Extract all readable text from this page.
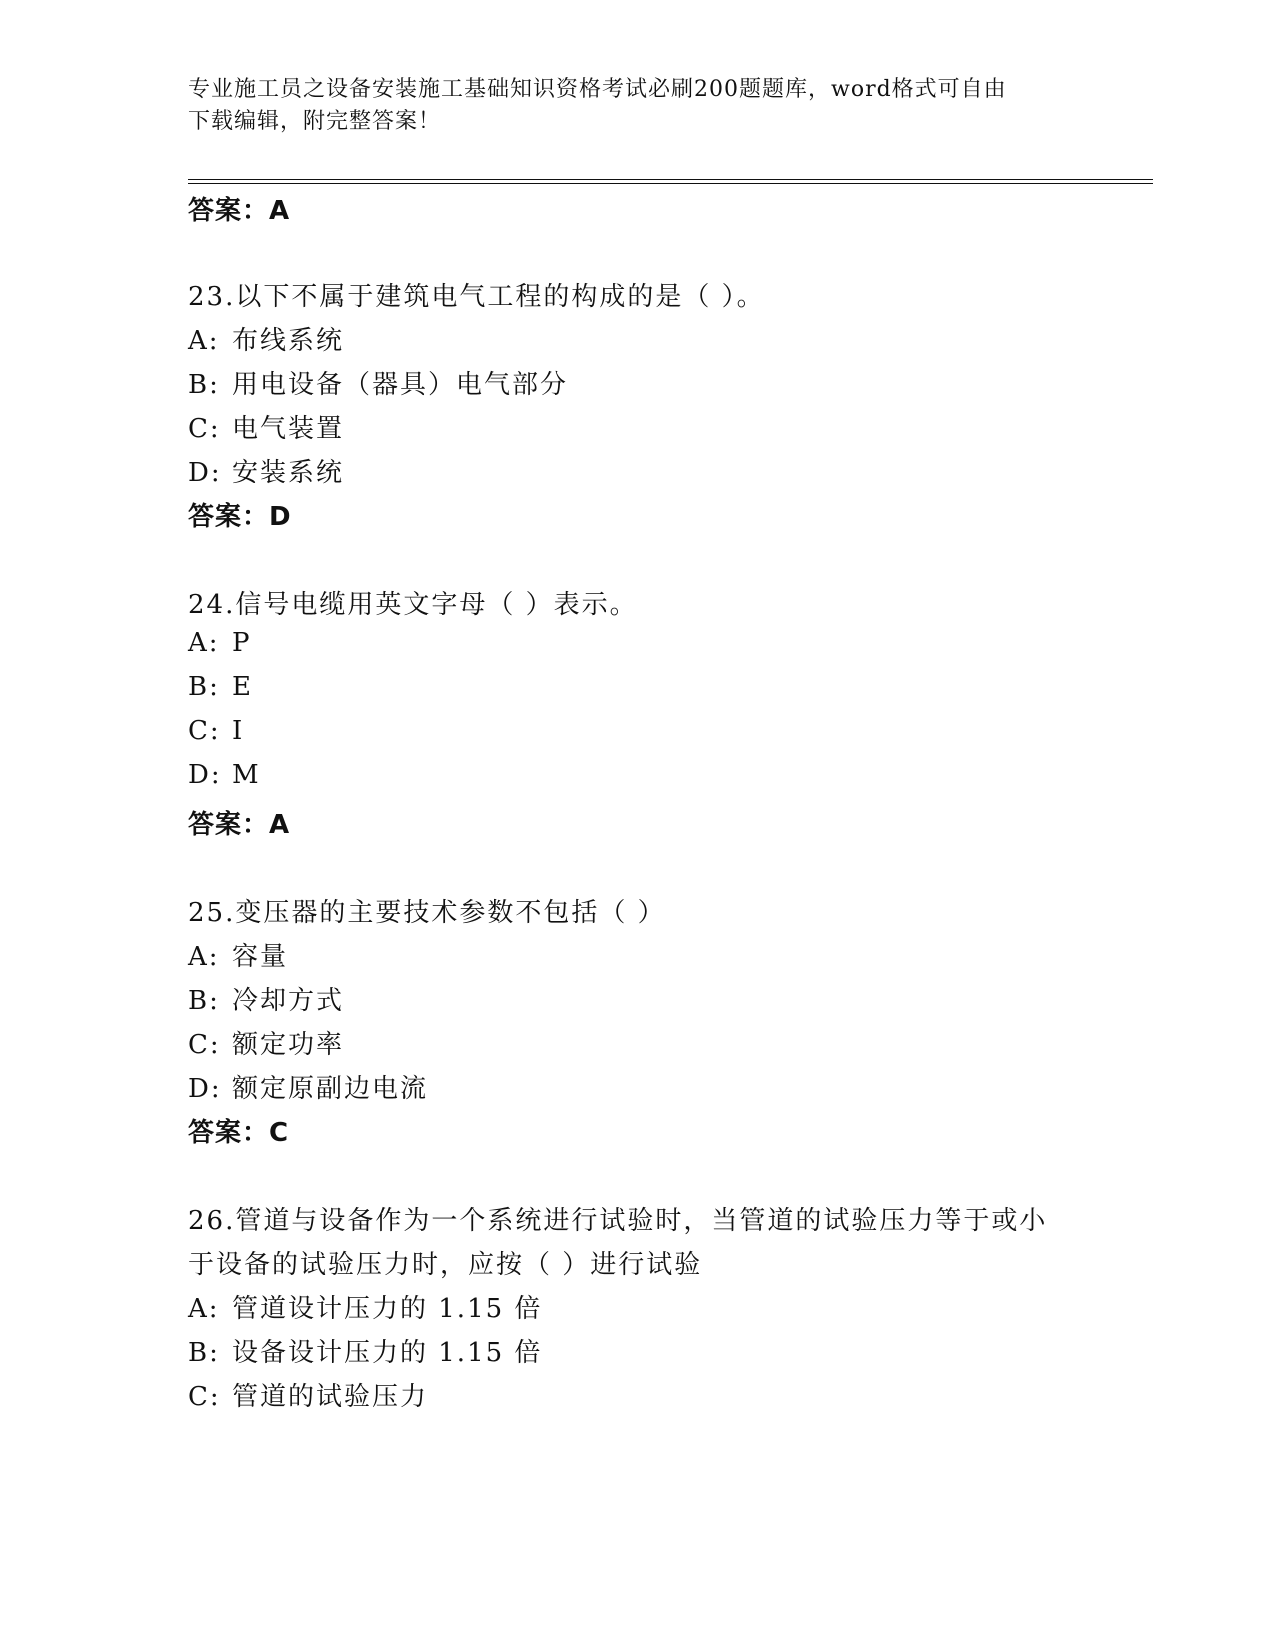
专业施工员之设备安装施工基础知识资格考试必刷200题题库，word格式可自由
下载编辑，附完整答案！
答案：A
23.以下不属于建筑电气工程的构成的是（ ）。
A: 布线系统
B: 用电设备（器具）电气部分
C: 电气装置
D: 安装系统
答案：D
24.信号电缆用英文字母（ ）表示。
A: P
B: E
C: I
D: M
答案：A
25.变压器的主要技术参数不包括（ ）
A: 容量
B: 冷却方式
C: 额定功率
D: 额定原副边电流
答案：C
26.管道与设备作为一个系统进行试验时，当管道的试验压力等于或小
于设备的试验压力时，应按（ ）进行试验
A: 管道设计压力的 1.15 倍
B: 设备设计压力的 1.15 倍
C: 管道的试验压力
